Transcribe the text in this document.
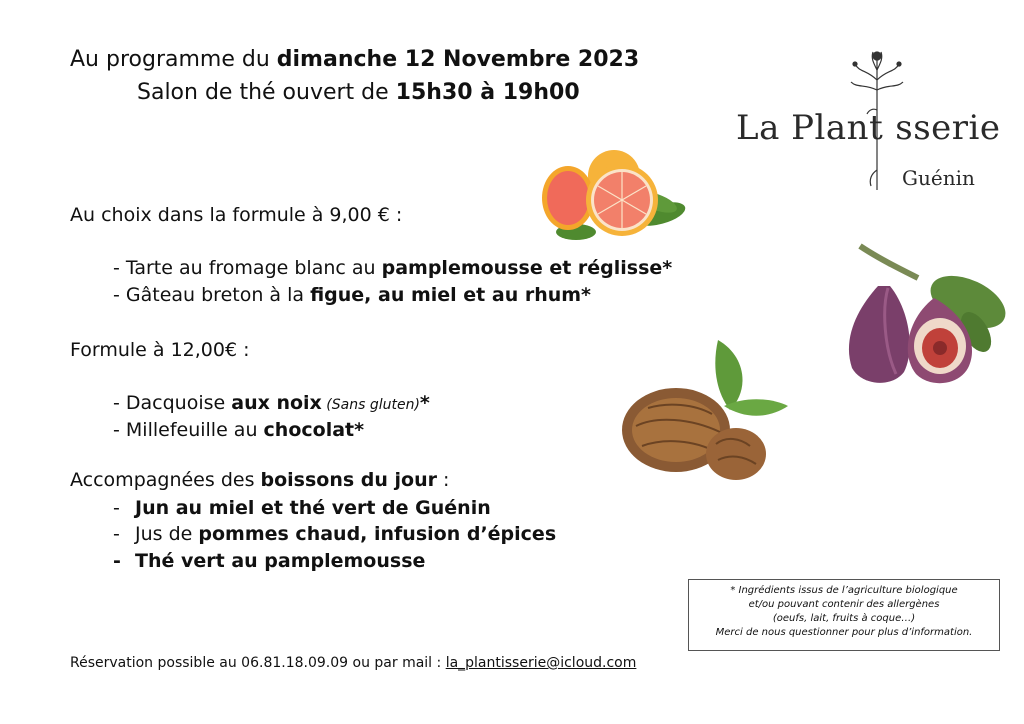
Au programme du dimanche 12 Novembre 2023
Salon de thé ouvert de 15h30 à 19h00
La Plant sserie
Guénin
Au choix dans la formule à 9,00 € :
- Tarte au fromage blanc au pamplemousse et réglisse*
- Gâteau breton à la figue, au miel et au rhum*
Formule à 12,00€ :
- Dacquoise aux noix (Sans gluten)*
- Millefeuille au chocolat*
Accompagnées des boissons du jour :
- Jun au miel et thé vert de Guénin
- Jus de pommes chaud, infusion d’épices
- Thé vert au pamplemousse
* Ingrédients issus de l’agriculture biologique
et/ou pouvant contenir des allergènes
(oeufs, lait, fruits à coque…)
Merci de nous questionner pour plus d’information.
Réservation possible au 06.81.18.09.09 ou par mail : la_plantisserie@icloud.com
